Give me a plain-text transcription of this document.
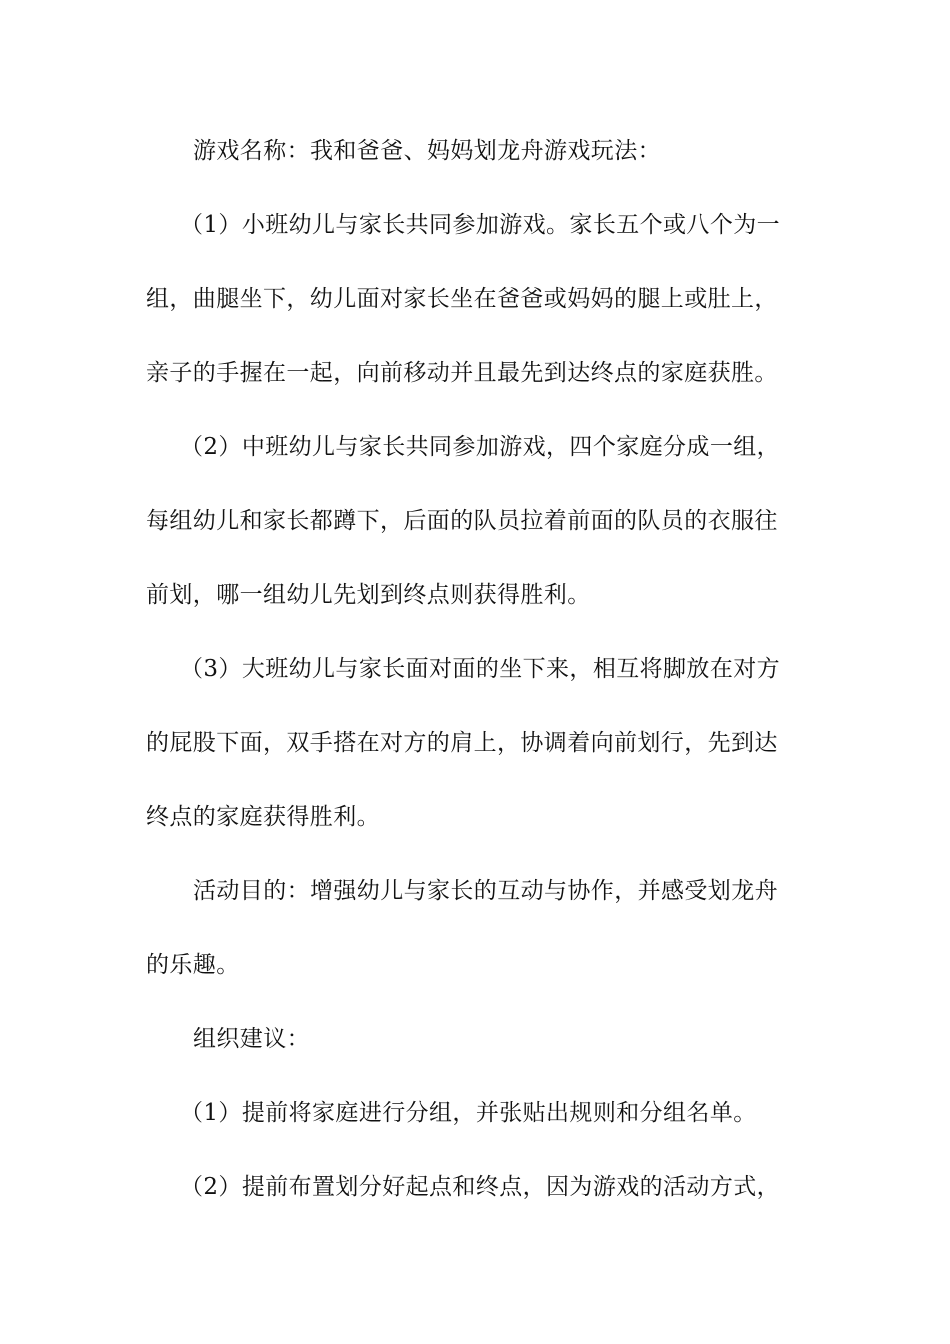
游戏名称：我和爸爸、妈妈划龙舟游戏玩法：
（1）小班幼儿与家长共同参加游戏。家长五个或八个为一
组，曲腿坐下，幼儿面对家长坐在爸爸或妈妈的腿上或肚上，
亲子的手握在一起，向前移动并且最先到达终点的家庭获胜。
（2）中班幼儿与家长共同参加游戏，四个家庭分成一组，
每组幼儿和家长都蹲下，后面的队员拉着前面的队员的衣服往
前划，哪一组幼儿先划到终点则获得胜利。
（3）大班幼儿与家长面对面的坐下来，相互将脚放在对方
的屁股下面，双手搭在对方的肩上，协调着向前划行，先到达
终点的家庭获得胜利。
活动目的：增强幼儿与家长的互动与协作，并感受划龙舟
的乐趣。
组织建议：
（1）提前将家庭进行分组，并张贴出规则和分组名单。
（2）提前布置划分好起点和终点，因为游戏的活动方式，
